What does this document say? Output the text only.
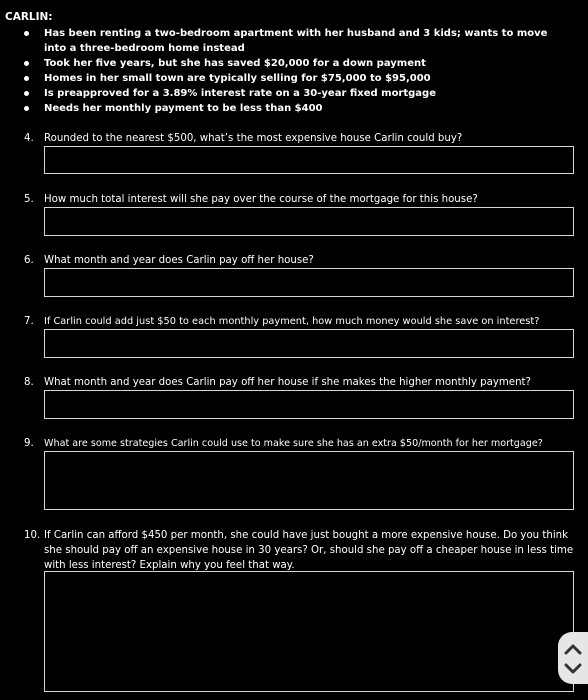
CARLIN:
Has been renting a two-bedroom apartment with her husband and 3 kids; wants to move into a three-bedroom home instead
Took her five years, but she has saved $20,000 for a down payment
Homes in her small town are typically selling for $75,000 to $95,000
Is preapproved for a 3.89% interest rate on a 30-year fixed mortgage
Needs her monthly payment to be less than $400
4. Rounded to the nearest $500, what’s the most expensive house Carlin could buy?
5. How much total interest will she pay over the course of the mortgage for this house?
6. What month and year does Carlin pay off her house?
7. If Carlin could add just $50 to each monthly payment, how much money would she save on interest?
8. What month and year does Carlin pay off her house if she makes the higher monthly payment?
9. What are some strategies Carlin could use to make sure she has an extra $50/month for her mortgage?
10. If Carlin can afford $450 per month, she could have just bought a more expensive house. Do you think she should pay off an expensive house in 30 years? Or, should she pay off a cheaper house in less time with less interest? Explain why you feel that way.
